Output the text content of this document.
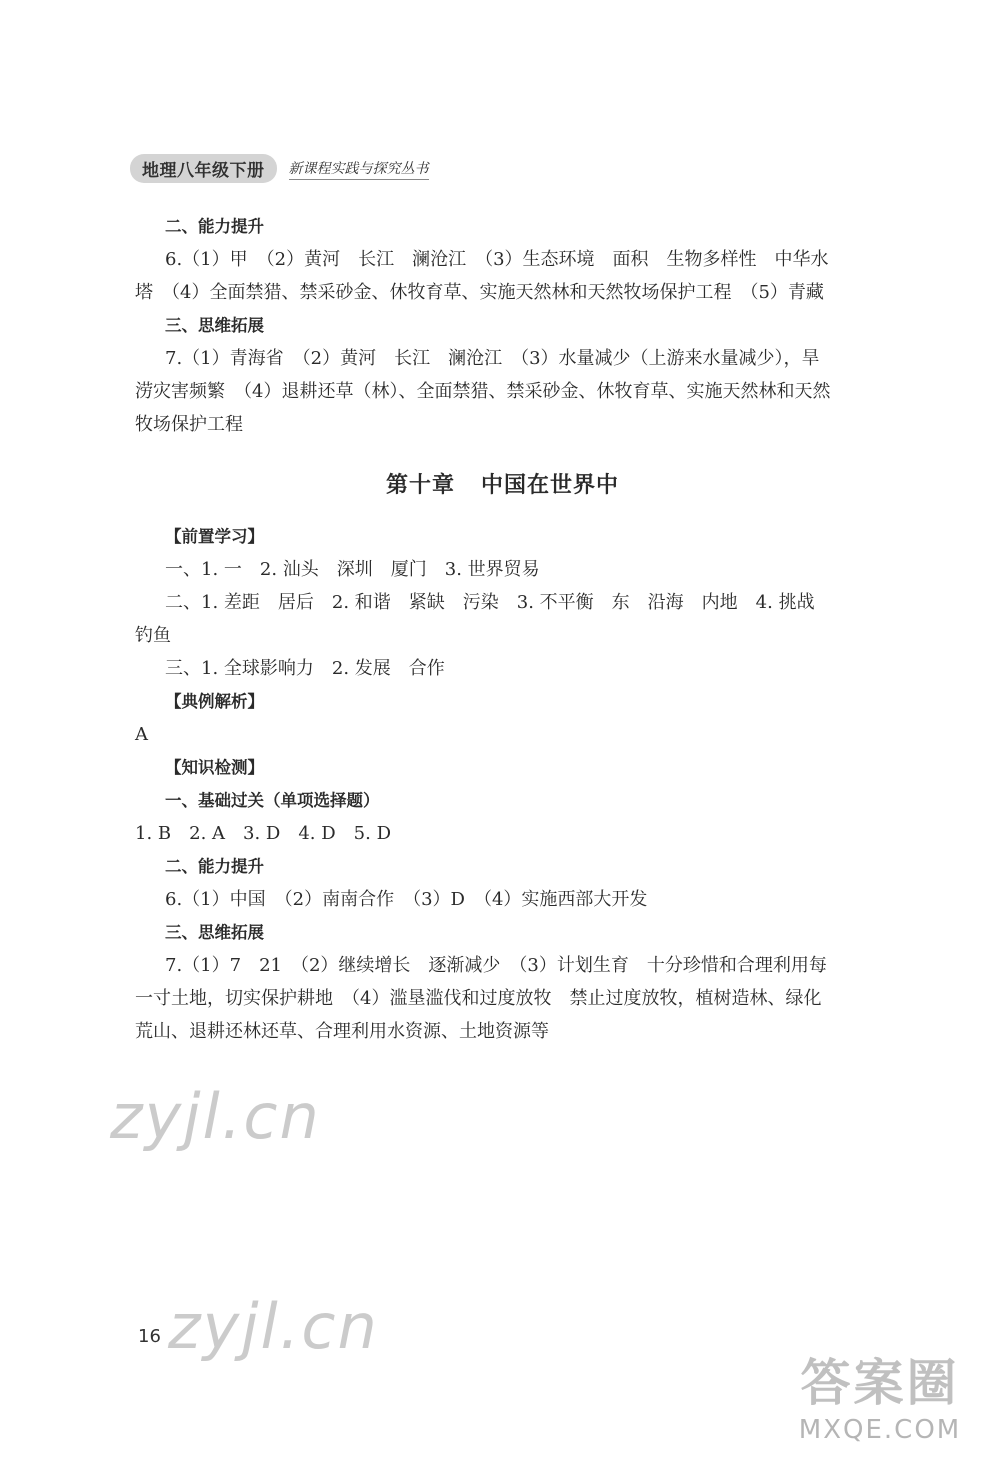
地理八年级下册	新课程实践与探究丛书
二、能力提升
6.（1）甲　（2）黄河　长江　澜沧江　（3）生态环境　面积　生物多样性　中华水
塔　（4）全面禁猎、禁采砂金、休牧育草、实施天然林和天然牧场保护工程　（5）青藏
三、思维拓展
7.（1）青海省　（2）黄河　长江　澜沧江　（3）水量减少（上游来水量减少），旱
涝灾害频繁　（4）退耕还草（林）、全面禁猎、禁采砂金、休牧育草、实施天然林和天然
牧场保护工程
第十章 中国在世界中
【前置学习】
一、1. 一　2. 汕头　深圳　厦门　3. 世界贸易
二、1. 差距　居后　2. 和谐　紧缺　污染　3. 不平衡　东　沿海　内地　4. 挑战
钓鱼
三、1. 全球影响力　2. 发展　合作
【典例解析】
A
【知识检测】
一、基础过关（单项选择题）
1. B　2. A　3. D　4. D　5. D
二、能力提升
6.（1）中国　（2）南南合作　（3）D　（4）实施西部大开发
三、思维拓展
7.（1）7　21　（2）继续增长　逐渐减少　（3）计划生育　十分珍惜和合理利用每
一寸土地，切实保护耕地　（4）滥垦滥伐和过度放牧　禁止过度放牧，植树造林、绿化
荒山、退耕还林还草、合理利用水资源、土地资源等
zyjl.cn
zyjl.cn
16
答案圈
MXQE.COM
